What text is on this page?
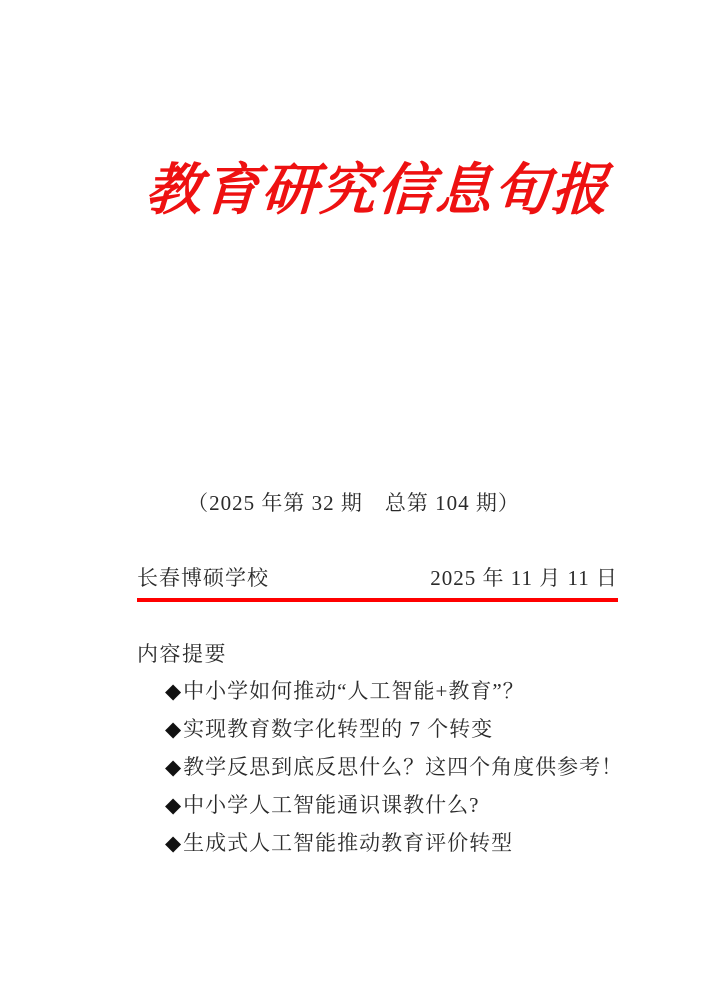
教育研究信息旬报
（2025 年第 32 期　总第 104 期）
长春博硕学校	2025 年 11 月 11 日
内容提要
◆中小学如何推动“人工智能+教育”？
◆实现教育数字化转型的 7 个转变
◆教学反思到底反思什么？这四个角度供参考！
◆中小学人工智能通识课教什么?
◆生成式人工智能推动教育评价转型
